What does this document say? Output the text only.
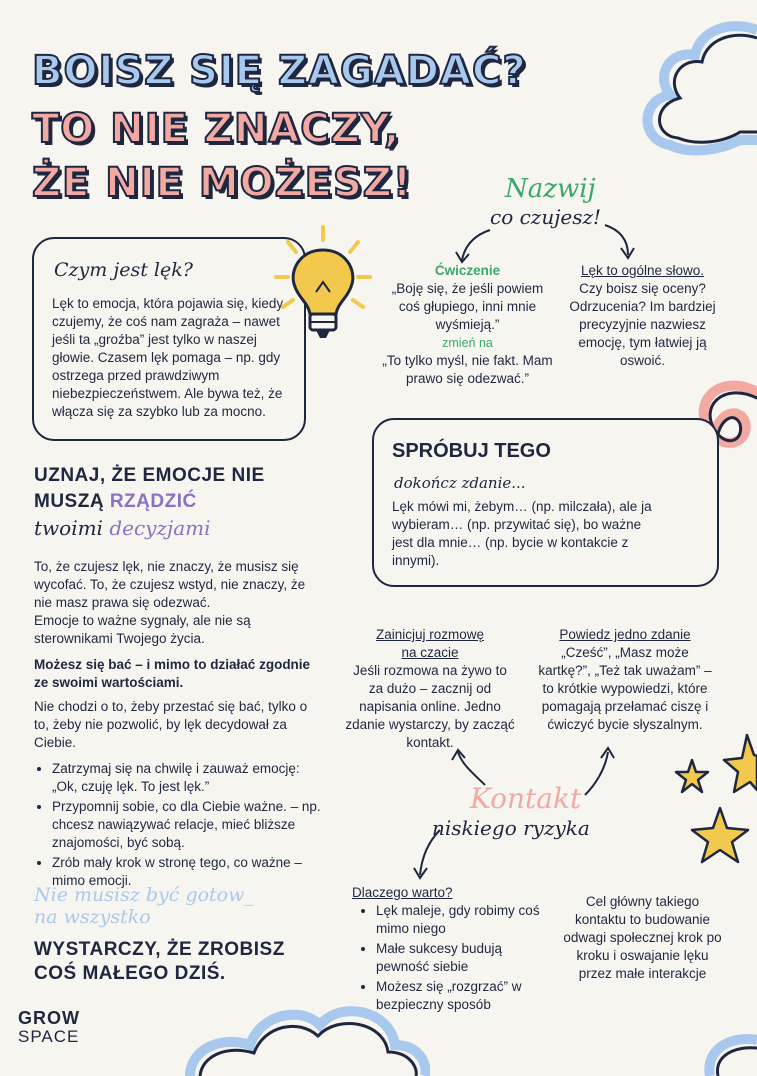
BOISZ SIĘ ZAGADAĆ?
TO NIE ZNACZY,
ŻE NIE MOŻESZ!	Nazwij
co czujesz!
Czym jest lęk?
Lęk to emocja, która pojawia się, kiedy czujemy, że coś nam zagraża – nawet jeśli ta „groźba” jest tylko w naszej głowie. Czasem lęk pomaga – np. gdy ostrzega przed prawdziwym niebezpieczeństwem. Ale bywa też, że włącza się za szybko lub za mocno.
Ćwiczenie
„Boję się, że jeśli powiem coś głupiego, inni mnie wyśmieją.”
zmień na
„To tylko myśl, nie fakt. Mam prawo się odezwać.”
Lęk to ogólne słowo.
Czy boisz się oceny? Odrzucenia? Im bardziej precyzyjnie nazwiesz emocję, tym łatwiej ją oswoić.
SPRÓBUJ TEGO
dokończ zdanie...
Lęk mówi mi, żebym… (np. milczała), ale ja wybieram… (np. przywitać się), bo ważne jest dla mnie… (np. bycie w kontakcie z innymi).
UZNAJ, ŻE EMOCJE NIE
MUSZĄ RZĄDZIĆ
twoimi decyzjami
To, że czujesz lęk, nie znaczy, że musisz się wycofać. To, że czujesz wstyd, nie znaczy, że nie masz prawa się odezwać.
Emocje to ważne sygnały, ale nie są sterownikami Twojego życia.
Możesz się bać – i mimo to działać zgodnie ze swoimi wartościami.
Nie chodzi o to, żeby przestać się bać, tylko o to, żeby nie pozwolić, by lęk decydował za Ciebie.
• Zatrzymaj się na chwilę i zauważ emocję: „Ok, czuję lęk. To jest lęk.”
• Przypomnij sobie, co dla Ciebie ważne. – np. chcesz nawiązywać relacje, mieć bliższe znajomości, być sobą.
• Zrób mały krok w stronę tego, co ważne – mimo emocji.
Nie musisz być gotow_ na wszystko
WYSTARCZY, ŻE ZROBISZ
COŚ MAŁEGO DZIŚ.
GROW
SPACE
Zainicjuj rozmowę
na czacie
Jeśli rozmowa na żywo to za dużo – zacznij od napisania online. Jedno zdanie wystarczy, by zacząć kontakt.
Powiedz jedno zdanie
„Cześć”, „Masz może kartkę?”, „Też tak uważam” – to krótkie wypowiedzi, które pomagają przełamać ciszę i ćwiczyć bycie słyszalnym.
Kontakt
niskiego ryzyka
Dlaczego warto?
• Lęk maleje, gdy robimy coś mimo niego
• Małe sukcesy budują pewność siebie
• Możesz się „rozgrzać” w bezpieczny sposób
Cel główny takiego kontaktu to budowanie odwagi społecznej krok po kroku i oswajanie lęku przez małe interakcje
